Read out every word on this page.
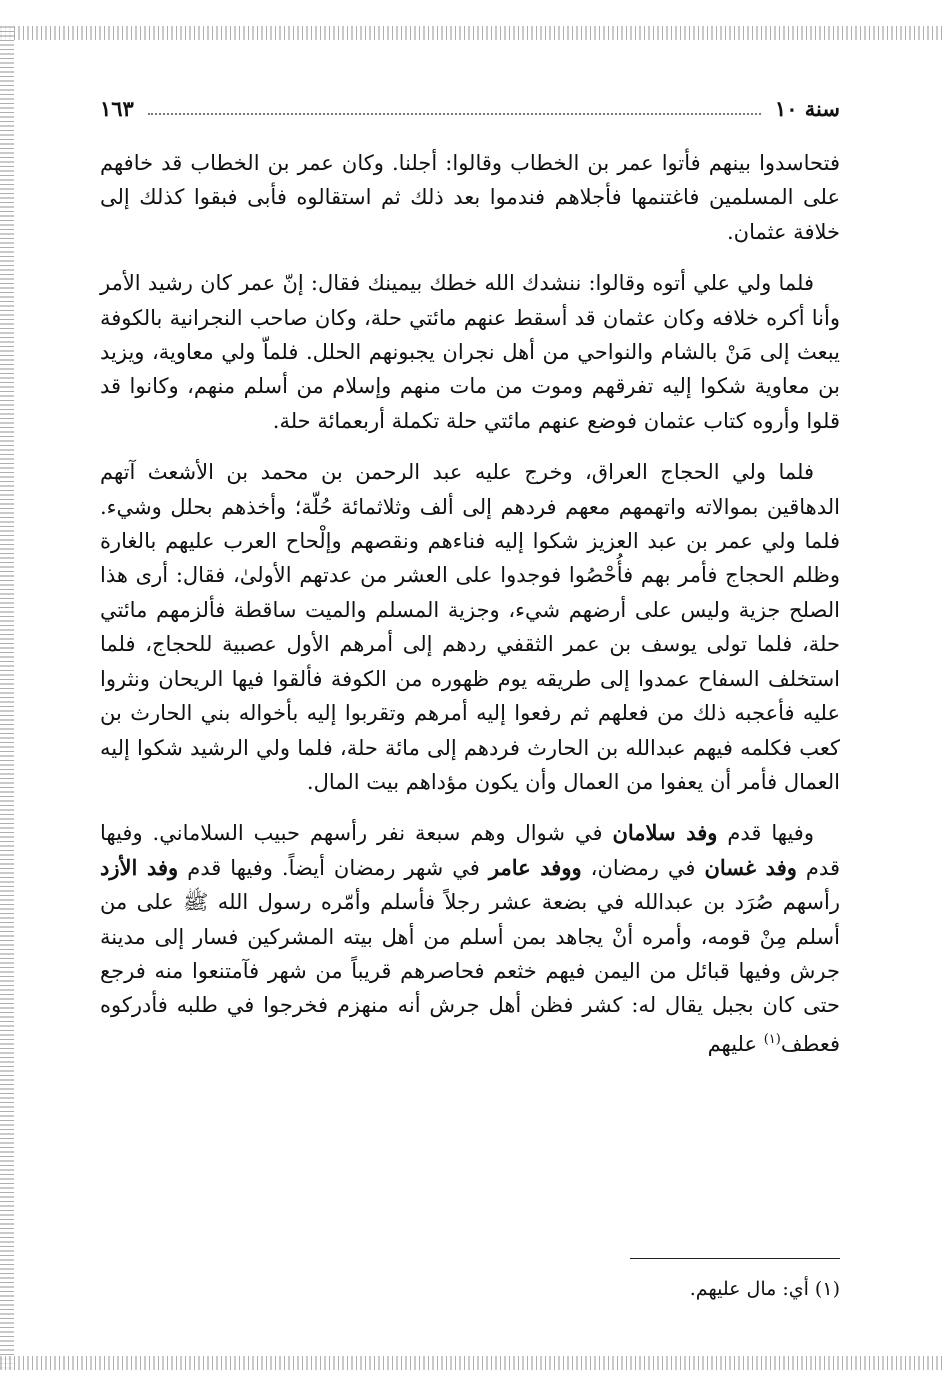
سنة ١٠
١٦٣

فتحاسدوا بينهم فأتوا عمر بن الخطاب وقالوا: أجلنا. وكان عمر بن الخطاب قد خافهم على المسلمين فاغتنمها فأجلاهم فندموا بعد ذلك ثم استقالوه فأبى فبقوا كذلك إلى خلافة عثمان.

فلما ولي علي أتوه وقالوا: ننشدك الله خطك بيمينك فقال: إنّ عمر كان رشيد الأمر وأنا أكره خلافه وكان عثمان قد أسقط عنهم مائتي حلة، وكان صاحب النجرانية بالكوفة يبعث إلى مَنْ بالشام والنواحي من أهل نجران يجبونهم الحلل. فلماّ ولي معاوية، ويزيد بن معاوية شكوا إليه تفرقهم وموت من مات منهم وإسلام من أسلم منهم، وكانوا قد قلوا وأروه كتاب عثمان فوضع عنهم مائتي حلة تكملة أربعمائة حلة.

فلما ولي الحجاج العراق، وخرج عليه عبد الرحمن بن محمد بن الأشعث آتهم الدهاقين بموالاته واتهمهم معهم فردهم إلى ألف وثلاثمائة حُلّة؛ وأخذهم بحلل وشيء. فلما ولي عمر بن عبد العزيز شكوا إليه فناءهم ونقصهم وإلْحاح العرب عليهم بالغارة وظلم الحجاج فأمر بهم فأُحْصُوا فوجدوا على العشر من عدتهم الأولىٰ، فقال: أرى هذا الصلح جزية وليس على أرضهم شيء، وجزية المسلم والميت ساقطة فألزمهم مائتي حلة، فلما تولى يوسف بن عمر الثقفي ردهم إلى أمرهم الأول عصبية للحجاج، فلما استخلف السفاح عمدوا إلى طريقه يوم ظهوره من الكوفة فألقوا فيها الريحان ونثروا عليه فأعجبه ذلك من فعلهم ثم رفعوا إليه أمرهم وتقربوا إليه بأخواله بني الحارث بن كعب فكلمه فيهم عبدالله بن الحارث فردهم إلى مائة حلة، فلما ولي الرشيد شكوا إليه العمال فأمر أن يعفوا من العمال وأن يكون مؤداهم بيت المال.

وفيها قدم وفد سلامان في شوال وهم سبعة نفر رأسهم حبيب السلاماني. وفيها قدم وفد غسان في رمضان، ووفد عامر في شهر رمضان أيضاً. وفيها قدم وفد الأزد رأسهم صُرَد بن عبدالله في بضعة عشر رجلاً فأسلم وأمّره رسول الله ﷺ على من أسلم مِنْ قومه، وأمره أنْ يجاهد بمن أسلم من أهل بيته المشركين فسار إلى مدينة جرش وفيها قبائل من اليمن فيهم خثعم فحاصرهم قريباً من شهر فآمتنعوا منه فرجع حتى كان بجبل يقال له: كشر فظن أهل جرش أنه منهزم فخرجوا في طلبه فأدركوه فعطف$^{(١)}$ عليهم

(١) أي: مال عليهم.
